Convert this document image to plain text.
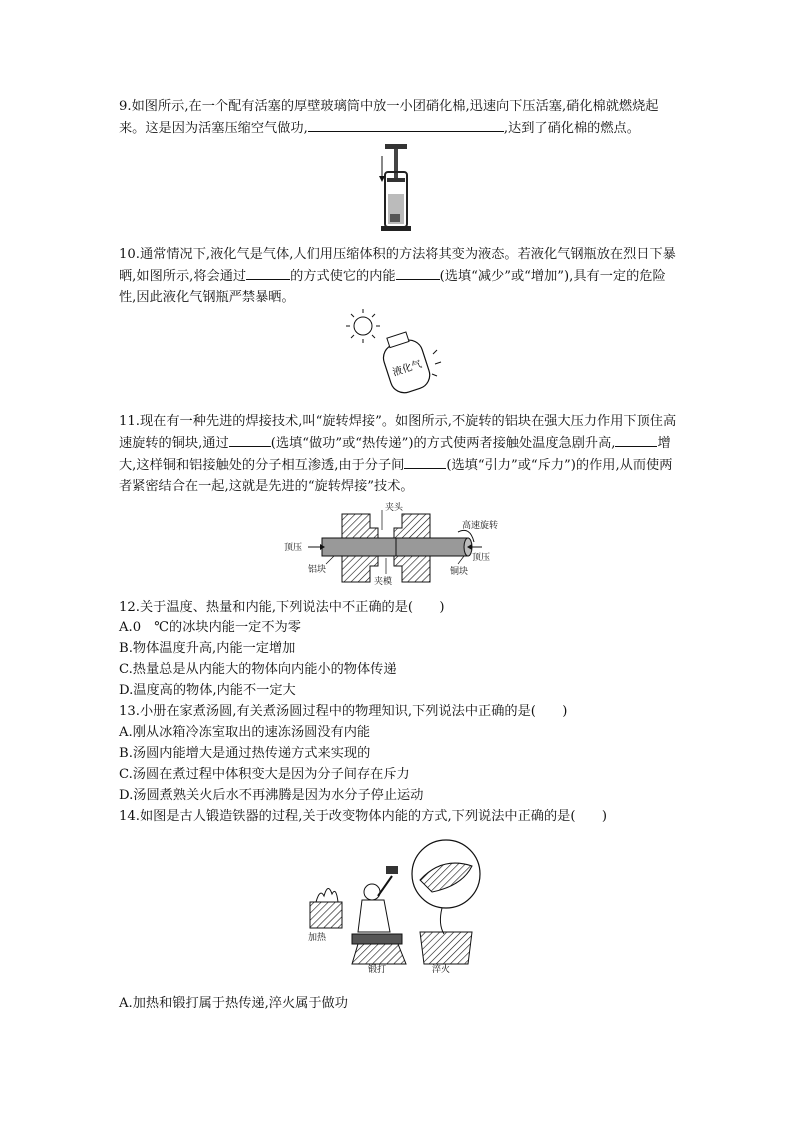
9.如图所示,在一个配有活塞的厚壁玻璃筒中放一小团硝化棉,迅速向下压活塞,硝化棉就燃烧起来。这是因为活塞压缩空气做功,	,达到了硝化棉的燃点。

10.通常情况下,液化气是气体,人们用压缩体积的方法将其变为液态。若液化气钢瓶放在烈日下暴晒,如图所示,将会通过	的方式使它的内能	(选填“减少”或“增加”),具有一定的危险性,因此液化气钢瓶严禁暴晒。

液化气

11.现在有一种先进的焊接技术,叫“旋转焊接”。如图所示,不旋转的铝块在强大压力作用下顶住高速旋转的铜块,通过	(选填“做功”或“热传递”)的方式使两者接触处温度急剧升高,	增大,这样铜和铝接触处的分子相互渗透,由于分子间	(选填“引力”或“斥力”)的作用,从而使两者紧密结合在一起,这就是先进的“旋转焊接”技术。

夹头
高速旋转
顶压
顶压
铝块
夹模
铜块
12.关于温度、热量和内能,下列说法中不正确的是(　　)
A.0　℃的冰块内能一定不为零
B.物体温度升高,内能一定增加
C.热量总是从内能大的物体向内能小的物体传递
D.温度高的物体,内能不一定大
13.小册在家煮汤圆,有关煮汤圆过程中的物理知识,下列说法中正确的是(　　)
A.刚从冰箱冷冻室取出的速冻汤圆没有内能
B.汤圆内能增大是通过热传递方式来实现的
C.汤圆在煮过程中体积变大是因为分子间存在斥力
D.汤圆煮熟关火后水不再沸腾是因为水分子停止运动
14.如图是古人锻造铁器的过程,关于改变物体内能的方式,下列说法中正确的是(　　)
加热
锻打	淬火
A.加热和锻打属于热传递,淬火属于做功
